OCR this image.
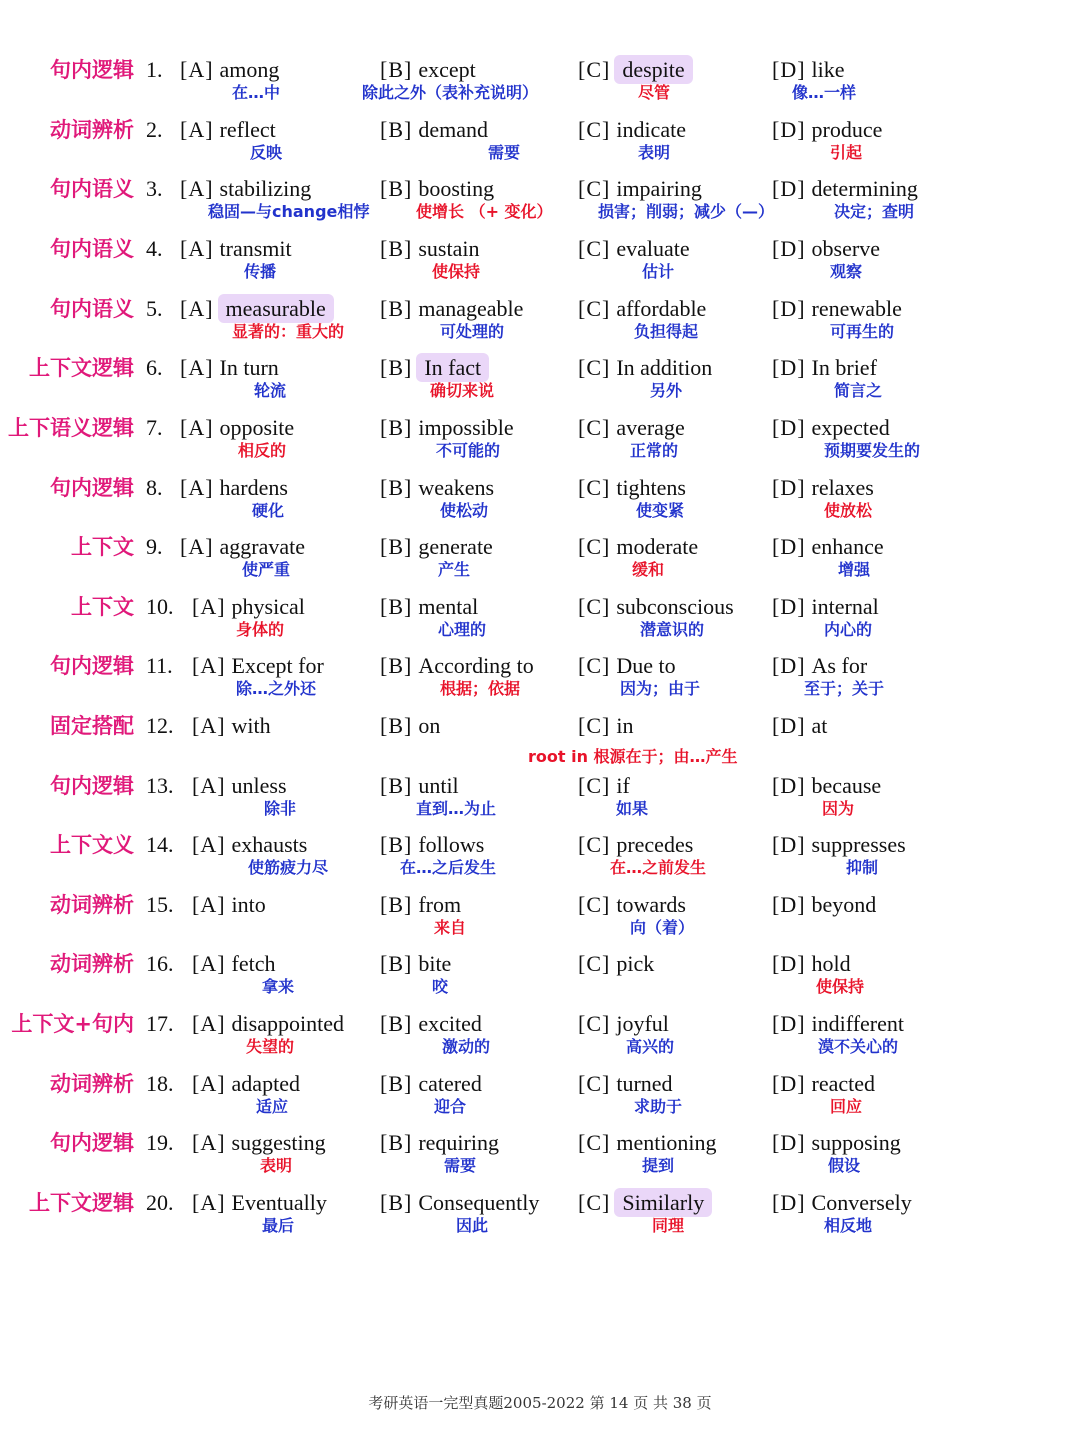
句内逻辑 1. [A] among
在…中
[B] except
除此之外（表补充说明）
[C] despite
尽管
[D] like
像…一样
动词辨析 2. [A] reflect
反映
[B] demand
需要
[C] indicate
表明
[D] produce
引起
句内语义 3. [A] stabilizing
稳固—与change相悖
[B] boosting
使增长 （+ 变化）
[C] impairing
损害；削弱；减少（—）
[D] determining
决定；查明
句内语义 4. [A] transmit
传播
[B] sustain
使保持
[C] evaluate
估计
[D] observe
观察
句内语义 5. [A] measurable
显著的：重大的
[B] manageable
可处理的
[C] affordable
负担得起
[D] renewable
可再生的
上下文逻辑 6. [A] In turn
轮流
[B] In fact
确切来说
[C] In addition
另外
[D] In brief
简言之
上下语义逻辑 7. [A] opposite
相反的
[B] impossible
不可能的
[C] average
正常的
[D] expected
预期要发生的
句内逻辑 8. [A] hardens
硬化
[B] weakens
使松动
[C] tightens
使变紧
[D] relaxes
使放松
上下文 9. [A] aggravate
使严重
[B] generate
产生
[C] moderate
缓和
[D] enhance
增强
上下文 10. [A] physical
身体的
[B] mental
心理的
[C] subconscious
潜意识的
[D] internal
内心的
句内逻辑 11. [A] Except for
除…之外还
[B] According to
根据；依据
[C] Due to
因为；由于
[D] As for
至于；关于
固定搭配 12. [A] with	[B] on	[C] in	[D] at
root in 根源在于；由…产生
句内逻辑 13. [A] unless
除非
[B] until
直到…为止
[C] if
如果
[D] because
因为
上下文义 14. [A] exhausts
使筋疲力尽
[B] follows
在…之后发生
[C] precedes
在…之前发生
[D] suppresses
抑制
动词辨析 15. [A] into	[B] from
来自
[C] towards
向（着）
[D] beyond
动词辨析 16. [A] fetch
拿来
[B] bite
咬
[C] pick	[D] hold
使保持
上下文+句内 17. [A] disappointed
失望的
[B] excited
激动的
[C] joyful
高兴的
[D] indifferent
漠不关心的
动词辨析 18. [A] adapted
适应
[B] catered
迎合
[C] turned
求助于
[D] reacted
回应
句内逻辑 19. [A] suggesting
表明
[B] requiring
需要
[C] mentioning
提到
[D] supposing
假设
上下文逻辑 20. [A] Eventually
最后
[B] Consequently
因此
[C] Similarly
同理
[D] Conversely
相反地
考研英语一完型真题2005-2022 第 14 页 共 38 页
